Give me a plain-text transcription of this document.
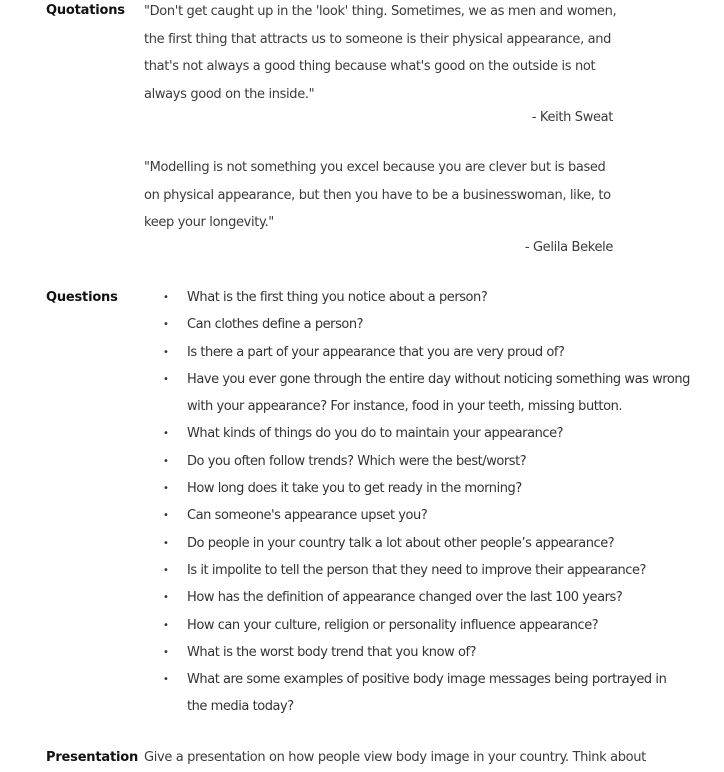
Quotations "Don't get caught up in the 'look' thing. Sometimes, we as men and women,
the first thing that attracts us to someone is their physical appearance, and
that's not always a good thing because what's good on the outside is not
always good on the inside."
- Keith Sweat
"Modelling is not something you excel because you are clever but is based
on physical appearance, but then you have to be a businesswoman, like, to
keep your longevity."
- Gelila Bekele
Questions	• What is the first thing you notice about a person?
• Can clothes define a person?
• Is there a part of your appearance that you are very proud of?
• Have you ever gone through the entire day without noticing something was wrong with your appearance? For instance, food in your teeth, missing button.
• What kinds of things do you do to maintain your appearance?
• Do you often follow trends? Which were the best/worst?
• How long does it take you to get ready in the morning?
• Can someone's appearance upset you?
• Do people in your country talk a lot about other people’s appearance?
• Is it impolite to tell the person that they need to improve their appearance?
• How has the definition of appearance changed over the last 100 years?
• How can your culture, religion or personality influence appearance?
• What is the worst body trend that you know of?
• What are some examples of positive body image messages being portrayed in the media today?
Presentation Give a presentation on how people view body image in your country. Think about
